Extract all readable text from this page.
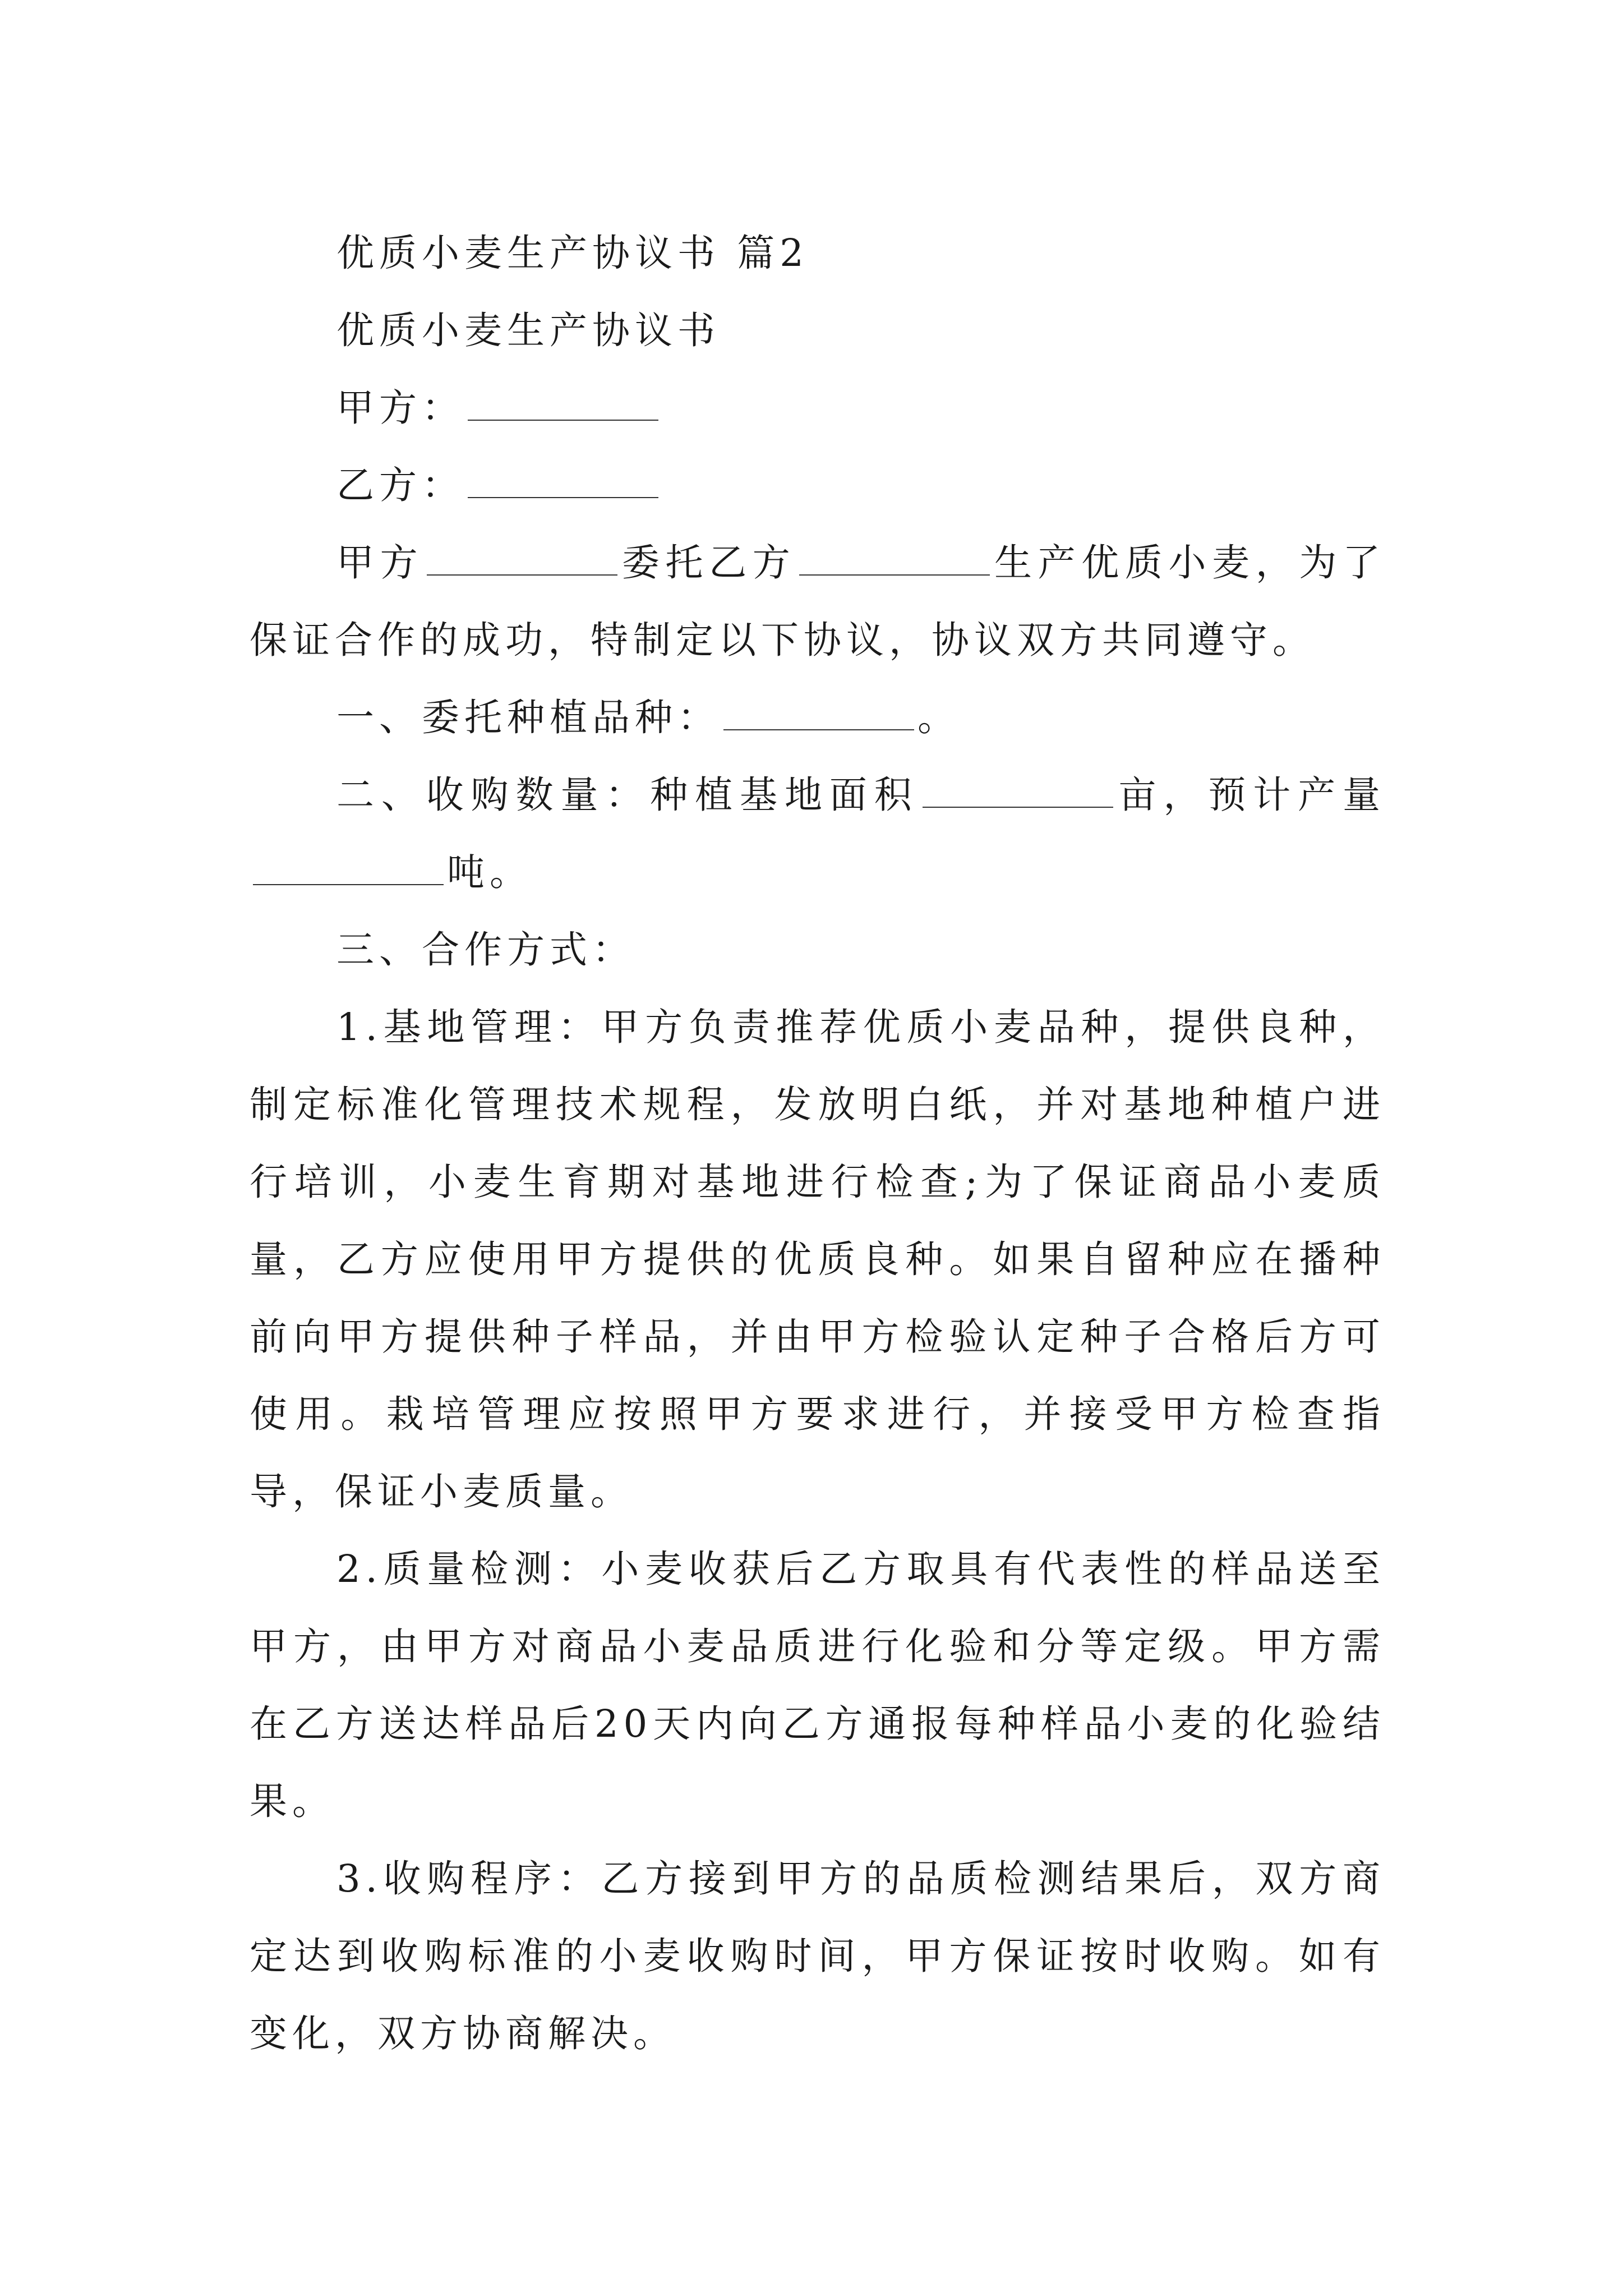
优质小麦生产协议书 篇2

优质小麦生产协议书

甲方：

乙方：

甲方	委托乙方	生产优质小麦，为了保证合作的成功，特制定以下协议，协议双方共同遵守。

一、委托种植品种：	。

二、收购数量：种植基地面积	亩，预计产量吨。

三、合作方式：

1.基地管理：甲方负责推荐优质小麦品种，提供良种，制定标准化管理技术规程，发放明白纸，并对基地种植户进行培训，小麦生育期对基地进行检查;为了保证商品小麦质量，乙方应使用甲方提供的优质良种。如果自留种应在播种前向甲方提供种子样品，并由甲方检验认定种子合格后方可使用。栽培管理应按照甲方要求进行，并接受甲方检查指导，保证小麦质量。

2.质量检测：小麦收获后乙方取具有代表性的样品送至甲方，由甲方对商品小麦品质进行化验和分等定级。甲方需在乙方送达样品后20天内向乙方通报每种样品小麦的化验结果。

3.收购程序：乙方接到甲方的品质检测结果后，双方商定达到收购标准的小麦收购时间，甲方保证按时收购。如有变化，双方协商解决。
